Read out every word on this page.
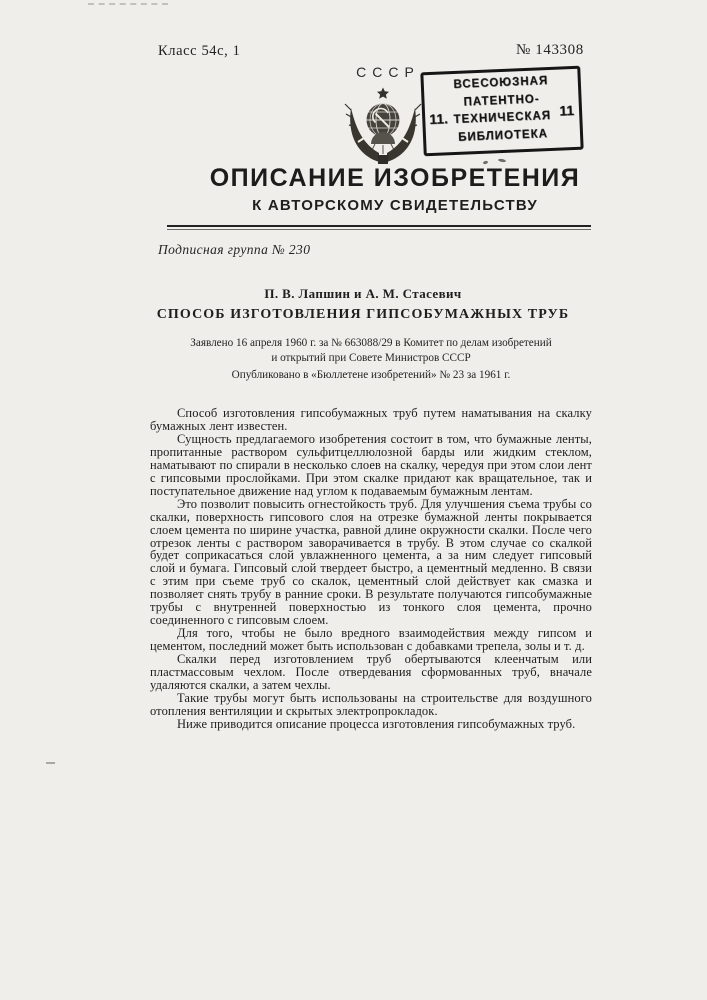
Класс 54с, 1	№ 143308
СССР
11.
ВСЕСОЮЗНАЯ
ПАТЕНТНО-
ТЕХНИЧЕСКАЯ
БИБЛИОТЕКА
11
ОПИСАНИЕ ИЗОБРЕТЕНИЯ
К АВТОРСКОМУ СВИДЕТЕЛЬСТВУ
Подписная группа № 230
П. В. Лапшин и А. М. Стасевич
СПОСОБ ИЗГОТОВЛЕНИЯ ГИПСОБУМАЖНЫХ ТРУБ
Заявлено 16 апреля 1960 г. за № 663088/29 в Комитет по делам изобретений
и открытий при Совете Министров СССР
Опубликовано в «Бюллетене изобретений» № 23 за 1961 г.

Способ изготовления гипсобумажных труб путем наматывания на скалку бумажных лент известен.

Сущность предлагаемого изобретения состоит в том, что бумажные ленты, пропитанные раствором сульфитцеллюлозной барды или жидким стеклом, наматывают по спирали в несколько слоев на скалку, чередуя при этом слои лент с гипсовыми прослойками. При этом скалке придают как вращательное, так и поступательное движение над углом к подаваемым бумажным лентам.

Это позволит повысить огнестойкость труб. Для улучшения съема трубы со скалки, поверхность гипсового слоя на отрезке бумажной ленты покрывается слоем цемента по ширине участка, равной длине окружности скалки. После чего отрезок ленты с раствором заворачивается в трубу. В этом случае со скалкой будет соприкасаться слой увлажненного цемента, а за ним следует гипсовый слой и бумага. Гипсовый слой твердеет быстро, а цементный медленно. В связи с этим при съеме труб со скалок, цементный слой действует как смазка и позволяет снять трубу в ранние сроки. В результате получаются гипсобумажные трубы с внутренней поверхностью из тонкого слоя цемента, прочно соединенного с гипсовым слоем.

Для того, чтобы не было вредного взаимодействия между гипсом и цементом, последний может быть использован с добавками трепела, золы и т. д.

Скалки перед изготовлением труб обертываются клеенчатым или пластмассовым чехлом. После отвердевания сформованных труб, вначале удаляются скалки, а затем чехлы.

Такие трубы могут быть использованы на строительстве для воздушного отопления вентиляции и скрытых электропрокладок.

Ниже приводится описание процесса изготовления гипсобумажных труб.
